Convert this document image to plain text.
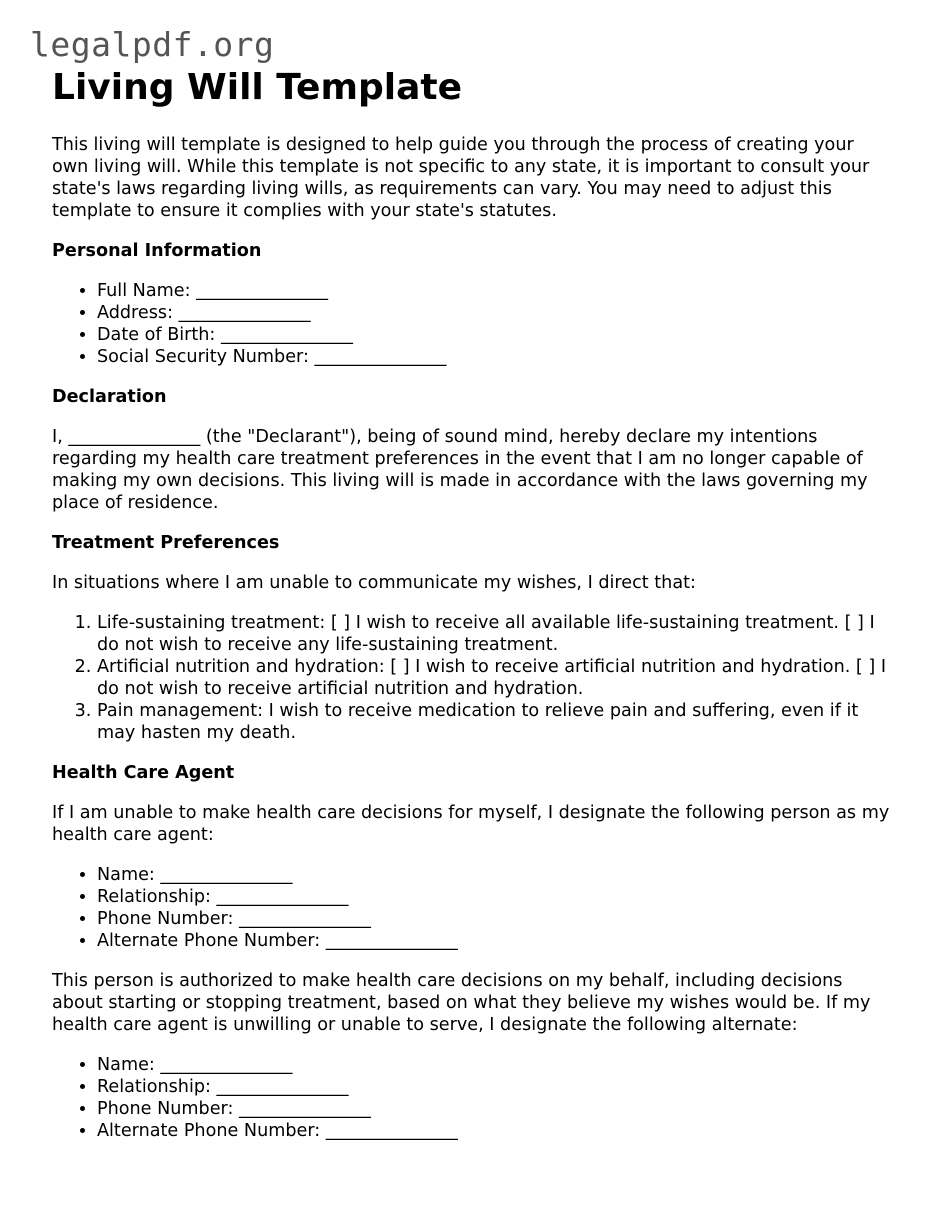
legalpdf.org
Living Will Template

This living will template is designed to help guide you through the process of creating your own living will. While this template is not specific to any state, it is important to consult your state's laws regarding living wills, as requirements can vary. You may need to adjust this template to ensure it complies with your state's statutes.

Personal Information
• Full Name: _______________
• Address: _______________
• Date of Birth: _______________
• Social Security Number: _______________
Declaration

I, _______________ (the "Declarant"), being of sound mind, hereby declare my intentions regarding my health care treatment preferences in the event that I am no longer capable of making my own decisions. This living will is made in accordance with the laws governing my place of residence.

Treatment Preferences

In situations where I am unable to communicate my wishes, I direct that:

1. Life-sustaining treatment: [ ] I wish to receive all available life-sustaining treatment. [ ] I do not wish to receive any life-sustaining treatment.
2. Artificial nutrition and hydration: [ ] I wish to receive artificial nutrition and hydration. [ ] I do not wish to receive artificial nutrition and hydration.
3. Pain management: I wish to receive medication to relieve pain and suffering, even if it may hasten my death.
Health Care Agent

If I am unable to make health care decisions for myself, I designate the following person as my health care agent:

• Name: _______________
• Relationship: _______________
• Phone Number: _______________
• Alternate Phone Number: _______________

This person is authorized to make health care decisions on my behalf, including decisions about starting or stopping treatment, based on what they believe my wishes would be. If my health care agent is unwilling or unable to serve, I designate the following alternate:

• Name: _______________
• Relationship: _______________
• Phone Number: _______________
• Alternate Phone Number: _______________
